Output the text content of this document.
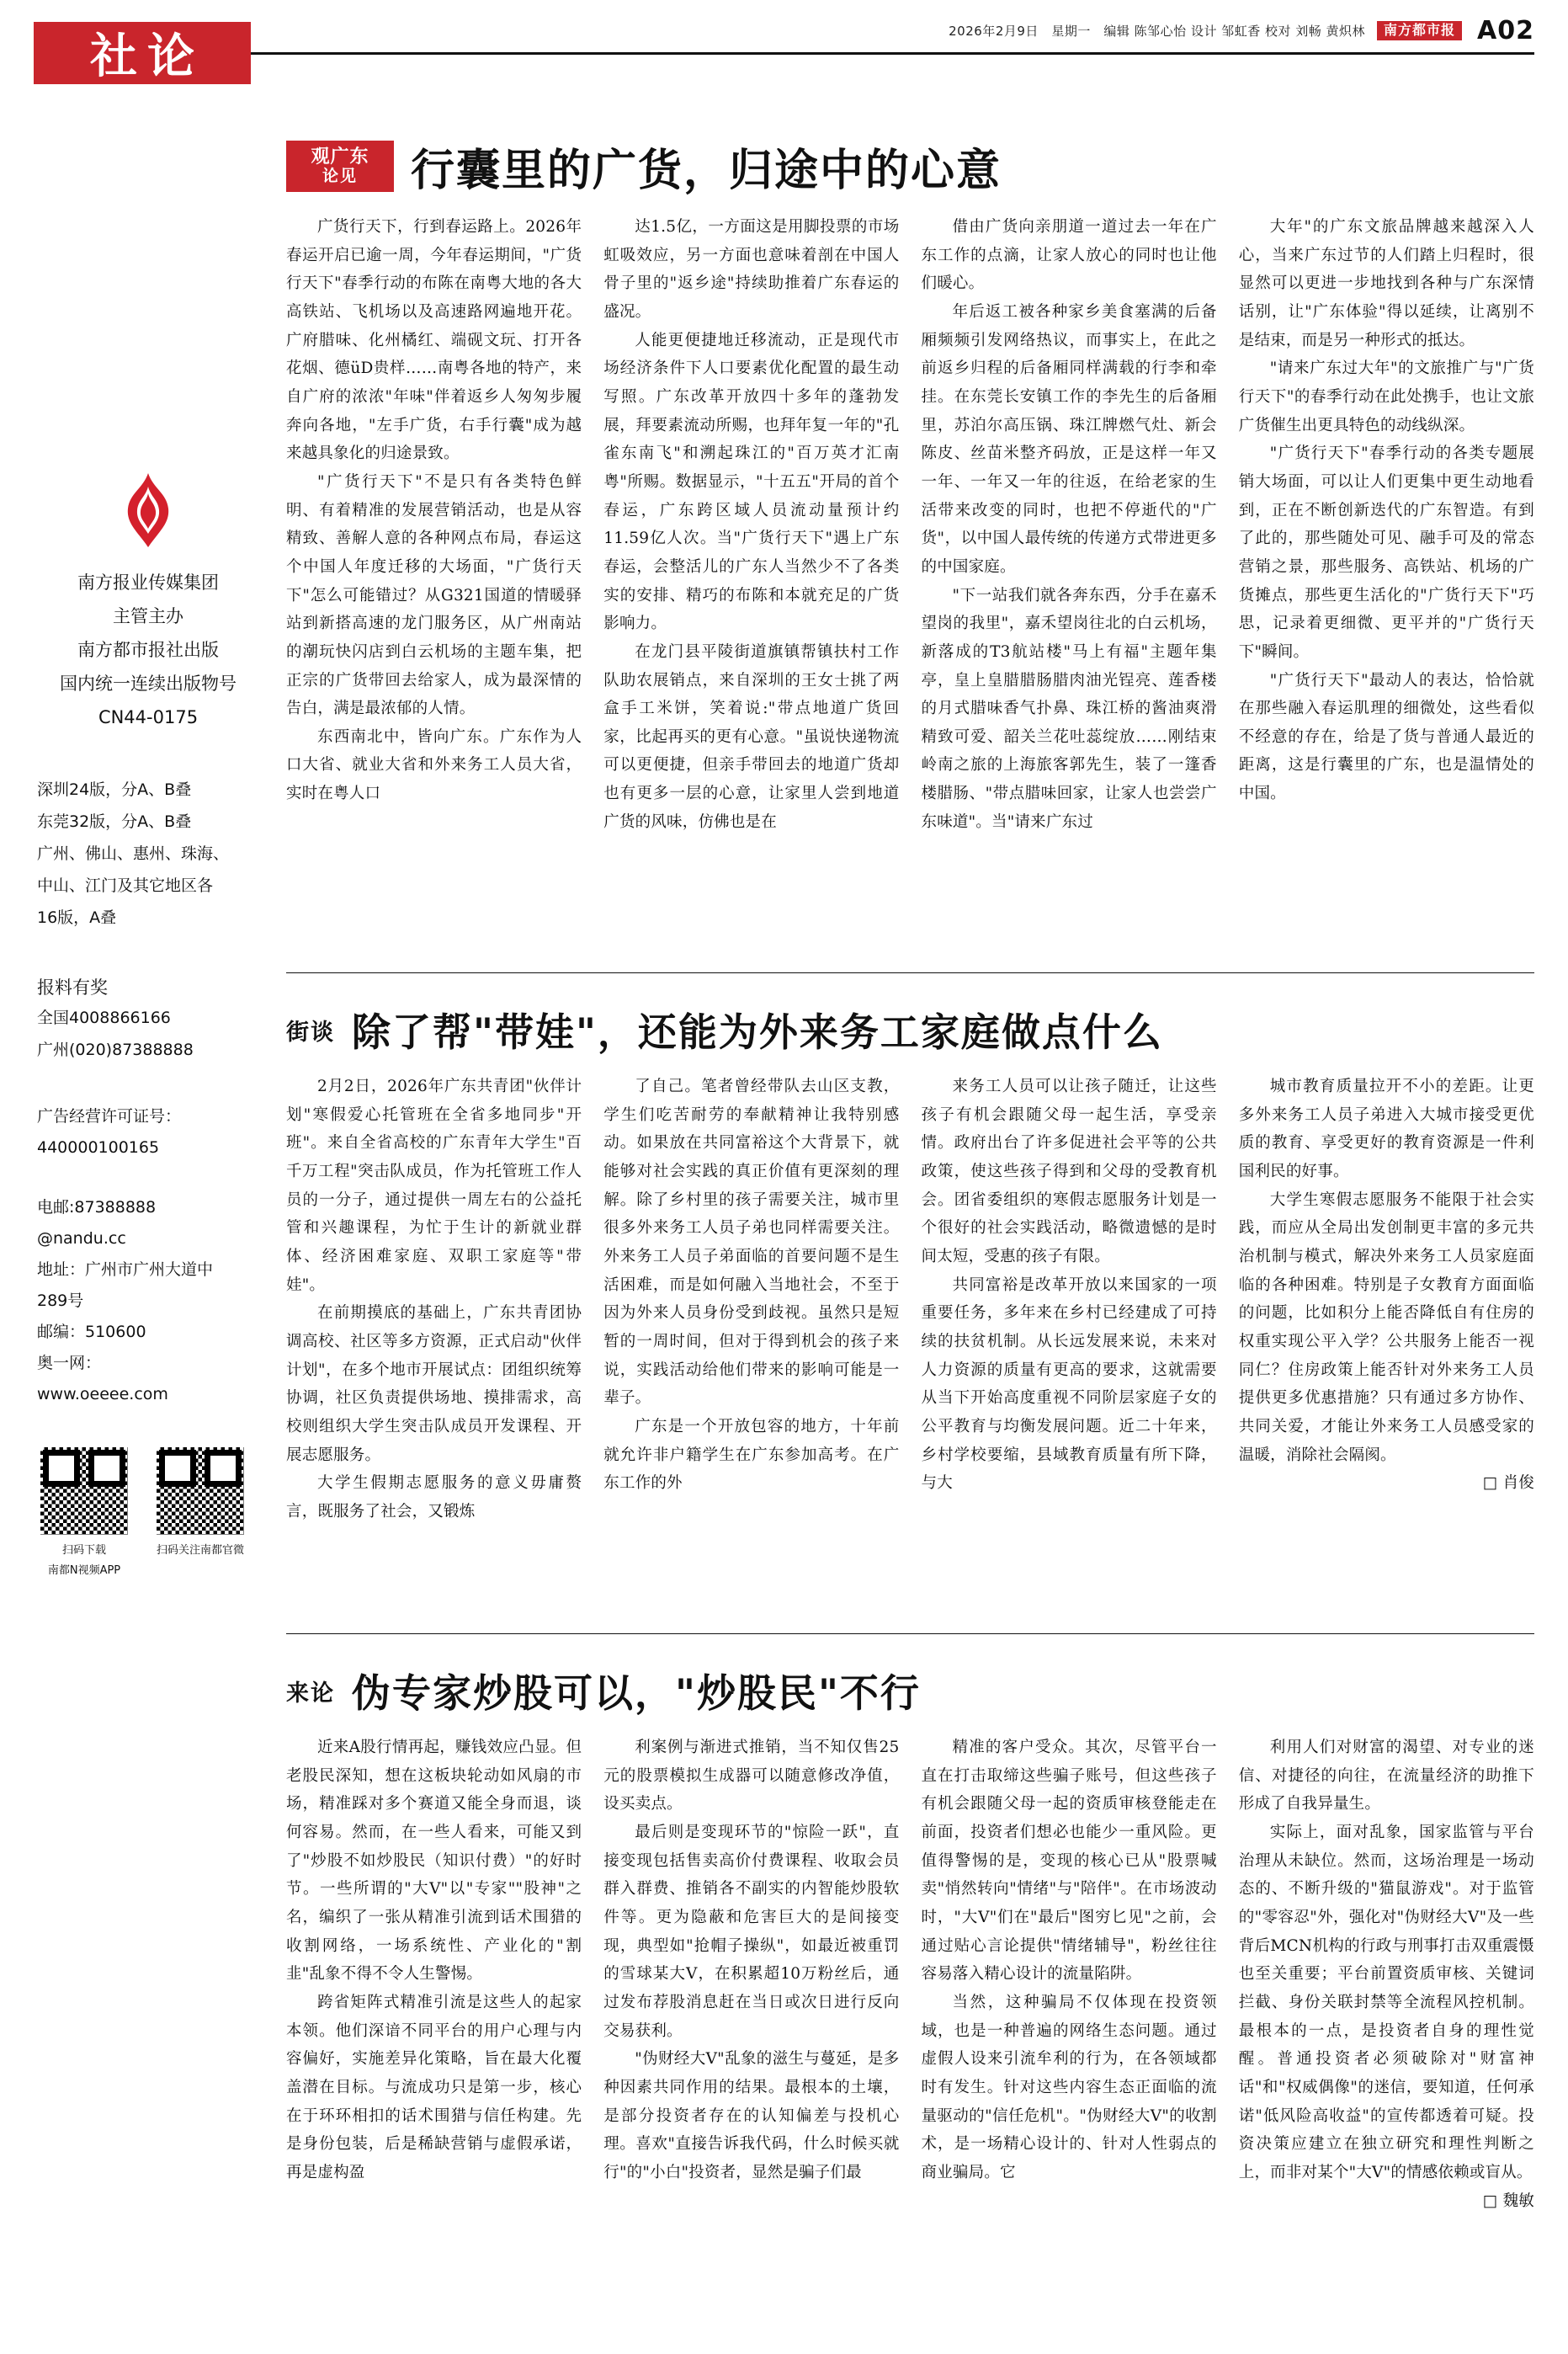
2026年2月9日　星期一　编辑 陈邹心怡 设计 邹虹香 校对 刘畅 黄炽林	南方都市报 A02
社论
南方报业传媒集团
主管主办
南方都市报社出版
国内统一连续出版物号
CN44-0175
深圳24版，分A、B叠
东莞32版，分A、B叠
广州、佛山、惠州、珠海、
中山、江门及其它地区各
16版，A叠
报料有奖
全国4008866166
广州(020)87388888
广告经营许可证号：
440000100165
电邮:87388888
@nandu.cc
地址：广州市广州大道中
289号
邮编：510600
奥一网：
www.oeeee.com
扫码下载
南都N视频APP
扫码关注南都官微
观广东
论见	行囊里的广货，归途中的心意

广货行天下，行到春运路上。2026年春运开启已逾一周，今年春运期间，"广货行天下"春季行动的布陈在南粤大地的各大高铁站、飞机场以及高速路网遍地开花。广府腊味、化州橘红、端砚文玩、打开各花烟、德üD贵样……南粤各地的特产，来自广府的浓浓"年味"伴着返乡人匆匆步履奔向各地，"左手广货，右手行囊"成为越来越具象化的归途景致。

"广货行天下"不是只有各类特色鲜明、有着精准的发展营销活动，也是从容精致、善解人意的各种网点布局，春运这个中国人年度迁移的大场面，"广货行天下"怎么可能错过？从G321国道的情暖驿站到新搭高速的龙门服务区，从广州南站的潮玩快闪店到白云机场的主题车集，把正宗的广货带回去给家人，成为最深情的告白，满是最浓郁的人情。

东西南北中，皆向广东。广东作为人口大省、就业大省和外来务工人员大省，实时在粤人口

达1.5亿，一方面这是用脚投票的市场虹吸效应，另一方面也意味着剖在中国人骨子里的"返乡途"持续助推着广东春运的盛况。

人能更便捷地迁移流动，正是现代市场经济条件下人口要素优化配置的最生动写照。广东改革开放四十多年的蓬勃发展，拜要素流动所赐，也拜年复一年的"孔雀东南飞"和溯起珠江的"百万英才汇南粤"所赐。数据显示，"十五五"开局的首个春运，广东跨区域人员流动量预计约11.59亿人次。当"广货行天下"遇上广东春运，会整活儿的广东人当然少不了各类实的安排、精巧的布陈和本就充足的广货影响力。

在龙门县平陵街道旗镇帮镇扶村工作队助农展销点，来自深圳的王女士挑了两盒手工米饼，笑着说:"带点地道广货回家，比起再买的更有心意。"虽说快递物流可以更便捷，但亲手带回去的地道广货却也有更多一层的心意，让家里人尝到地道广货的风味，仿佛也是在

借由广货向亲朋道一道过去一年在广东工作的点滴，让家人放心的同时也让他们暖心。

年后返工被各种家乡美食塞满的后备厢频频引发网络热议，而事实上，在此之前返乡归程的后备厢同样满载的行李和牵挂。在东莞长安镇工作的李先生的后备厢里，苏泊尔高压锅、珠江牌燃气灶、新会陈皮、丝苗米整齐码放，正是这样一年又一年、一年又一年的往返，在给老家的生活带来改变的同时，也把不停逝代的"广货"，以中国人最传统的传递方式带进更多的中国家庭。

"下一站我们就各奔东西，分手在嘉禾望岗的我里"，嘉禾望岗往北的白云机场，新落成的T3航站楼"马上有福"主题年集亭，皇上皇腊腊肠腊肉油光锃亮、莲香楼的月式腊味香气扑鼻、珠江桥的酱油爽滑精致可爱、韶关兰花吐蕊绽放……刚结束岭南之旅的上海旅客郭先生，装了一篷香楼腊肠、"带点腊味回家，让家人也尝尝广东味道"。当"请来广东过

大年"的广东文旅品牌越来越深入人心，当来广东过节的人们踏上归程时，很显然可以更进一步地找到各种与广东深情话别，让"广东体验"得以延续，让离别不是结束，而是另一种形式的抵达。

"请来广东过大年"的文旅推广与"广货行天下"的春季行动在此处携手，也让文旅广货催生出更具特色的动线纵深。

"广货行天下"春季行动的各类专题展销大场面，可以让人们更集中更生动地看到，正在不断创新迭代的广东智造。有到了此的，那些随处可见、融手可及的常态营销之景，那些服务、高铁站、机场的广货摊点，那些更生活化的"广货行天下"巧思，记录着更细微、更平并的"广货行天下"瞬间。

"广货行天下"最动人的表达，恰恰就在那些融入春运肌理的细微处，这些看似不经意的存在，给是了货与普通人最近的距离，这是行囊里的广东，也是温情处的中国。

街谈 除了帮"带娃"，还能为外来务工家庭做点什么

2月2日，2026年广东共青团"伙伴计划"寒假爱心托管班在全省多地同步"开班"。来自全省高校的广东青年大学生"百千万工程"突击队成员，作为托管班工作人员的一分子，通过提供一周左右的公益托管和兴趣课程，为忙于生计的新就业群体、经济困难家庭、双职工家庭等"带娃"。

在前期摸底的基础上，广东共青团协调高校、社区等多方资源，正式启动"伙伴计划"，在多个地市开展试点：团组织统筹协调，社区负责提供场地、摸排需求，高校则组织大学生突击队成员开发课程、开展志愿服务。

大学生假期志愿服务的意义毋庸赘言，既服务了社会，又锻炼

了自己。笔者曾经带队去山区支教，学生们吃苦耐劳的奉献精神让我特别感动。如果放在共同富裕这个大背景下，就能够对社会实践的真正价值有更深刻的理解。除了乡村里的孩子需要关注，城市里很多外来务工人员子弟也同样需要关注。外来务工人员子弟面临的首要问题不是生活困难，而是如何融入当地社会，不至于因为外来人员身份受到歧视。虽然只是短暂的一周时间，但对于得到机会的孩子来说，实践活动给他们带来的影响可能是一辈子。

广东是一个开放包容的地方，十年前就允许非户籍学生在广东参加高考。在广东工作的外

来务工人员可以让孩子随迁，让这些孩子有机会跟随父母一起生活，享受亲情。政府出台了许多促进社会平等的公共政策，使这些孩子得到和父母的受教育机会。团省委组织的寒假志愿服务计划是一个很好的社会实践活动，略微遗憾的是时间太短，受惠的孩子有限。

共同富裕是改革开放以来国家的一项重要任务，多年来在乡村已经建成了可持续的扶贫机制。从长远发展来说，未来对人力资源的质量有更高的要求，这就需要从当下开始高度重视不同阶层家庭子女的公平教育与均衡发展问题。近二十年来，乡村学校要缩，县域教育质量有所下降，与大

城市教育质量拉开不小的差距。让更多外来务工人员子弟进入大城市接受更优质的教育、享受更好的教育资源是一件利国利民的好事。

大学生寒假志愿服务不能限于社会实践，而应从全局出发创制更丰富的多元共治机制与模式，解决外来务工人员家庭面临的各种困难。特别是子女教育方面面临的问题，比如积分上能否降低自有住房的权重实现公平入学？公共服务上能否一视同仁？住房政策上能否针对外来务工人员提供更多优惠措施？只有通过多方协作、共同关爱，才能让外来务工人员感受家的温暖，消除社会隔阂。

□ 肖俊

来论 伪专家炒股可以，"炒股民"不行

近来A股行情再起，赚钱效应凸显。但老股民深知，想在这板块轮动如风扇的市场，精准踩对多个赛道又能全身而退，谈何容易。然而，在一些人看来，可能又到了"炒股不如炒股民（知识付费）"的好时节。一些所谓的"大V"以"专家""股神"之名，编织了一张从精准引流到话术围猎的收割网络，一场系统性、产业化的"割韭"乱象不得不令人生警惕。

跨省矩阵式精准引流是这些人的起家本领。他们深谙不同平台的用户心理与内容偏好，实施差异化策略，旨在最大化覆盖潜在目标。与流成功只是第一步，核心在于环环相扣的话术围猎与信任构建。先是身份包装，后是稀缺营销与虚假承诺，再是虚构盈

利案例与渐进式推销，当不知仅售25元的股票模拟生成器可以随意修改净值，设买卖点。

最后则是变现环节的"惊险一跃"，直接变现包括售卖高价付费课程、收取会员群入群费、推销各不副实的内智能炒股软件等。更为隐蔽和危害巨大的是间接变现，典型如"抢帽子操纵"，如最近被重罚的雪球某大V，在积累超10万粉丝后，通过发布荐股消息赶在当日或次日进行反向交易获利。

"伪财经大V"乱象的滋生与蔓延，是多种因素共同作用的结果。最根本的土壤，是部分投资者存在的认知偏差与投机心理。喜欢"直接告诉我代码，什么时候买就行"的"小白"投资者，显然是骗子们最

精准的客户受众。其次，尽管平台一直在打击取缔这些骗子账号，但这些孩子有机会跟随父母一起的资质审核登能走在前面，投资者们想必也能少一重风险。更值得警惕的是，变现的核心已从"股票喊卖"悄然转向"情绪"与"陪伴"。在市场波动时，"大V"们在"最后"图穷匕见"之前，会通过贴心言论提供"情绪辅导"，粉丝往往容易落入精心设计的流量陷阱。

当然，这种骗局不仅体现在投资领域，也是一种普遍的网络生态问题。通过虚假人设来引流牟利的行为，在各领域都时有发生。针对这些内容生态正面临的流量驱动的"信任危机"。"伪财经大V"的收割术，是一场精心设计的、针对人性弱点的商业骗局。它

利用人们对财富的渴望、对专业的迷信、对捷径的向往，在流量经济的助推下形成了自我异量生。

实际上，面对乱象，国家监管与平台治理从未缺位。然而，这场治理是一场动态的、不断升级的"猫鼠游戏"。对于监管的"零容忍"外，强化对"伪财经大V"及一些背后MCN机构的行政与刑事打击双重震慑也至关重要；平台前置资质审核、关键词拦截、身份关联封禁等全流程风控机制。最根本的一点，是投资者自身的理性觉醒。普通投资者必须破除对"财富神话"和"权威偶像"的迷信，要知道，任何承诺"低风险高收益"的宣传都透着可疑。投资决策应建立在独立研究和理性判断之上，而非对某个"大V"的情感依赖或盲从。

□ 魏敏
